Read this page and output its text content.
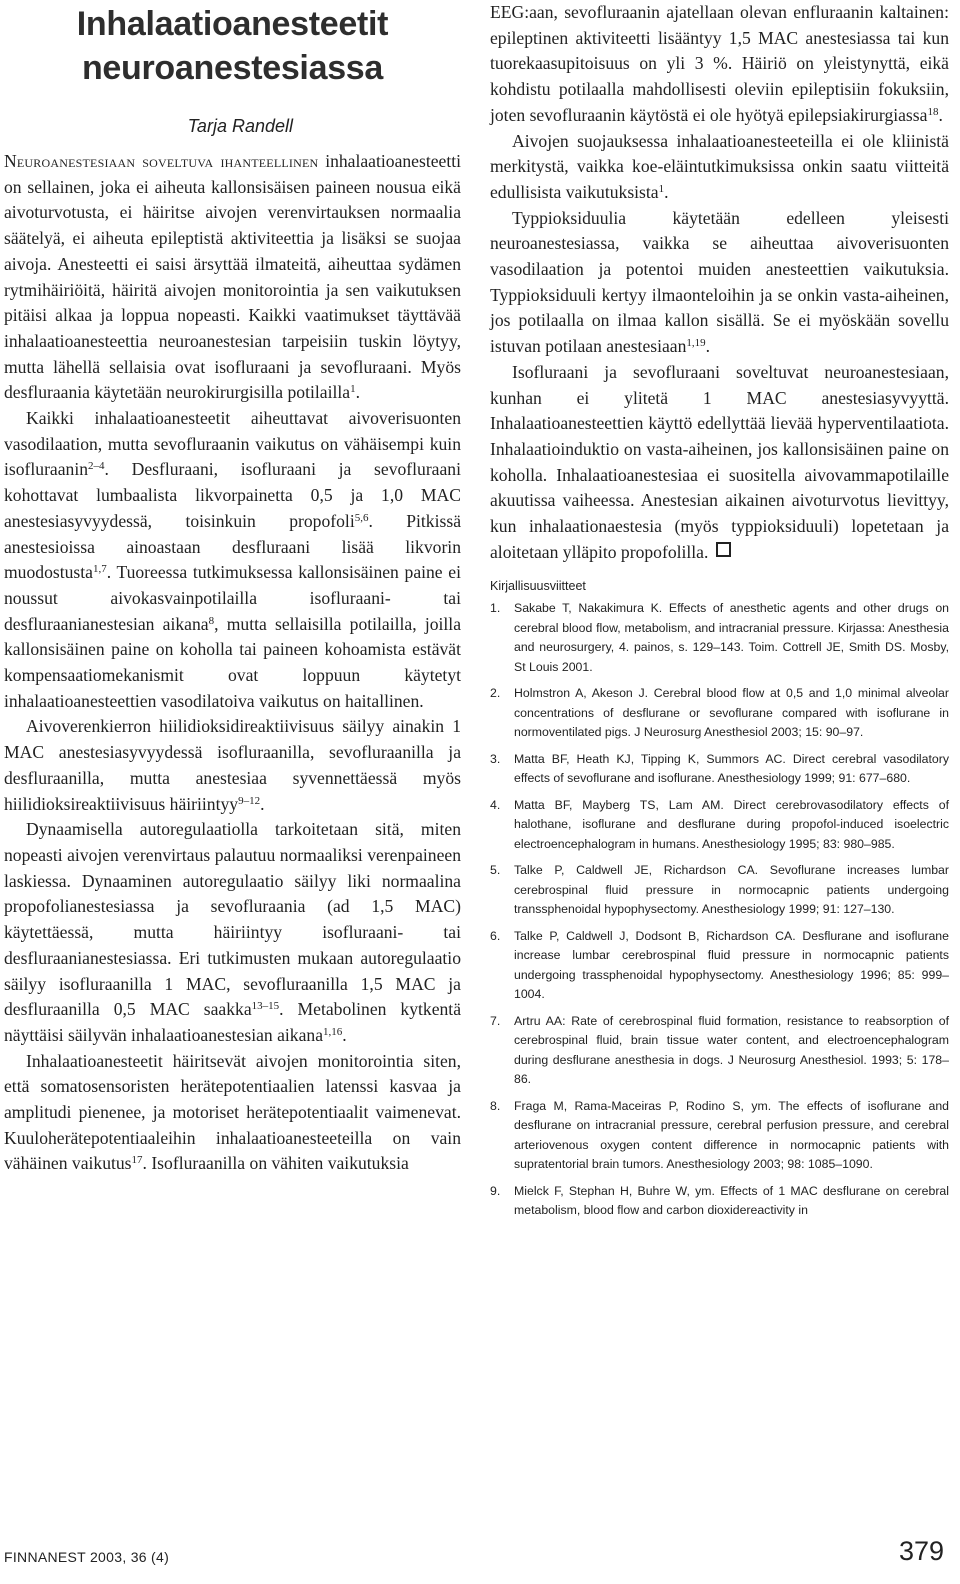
Inhalaatioanesteetit
neuroanestesiassa
Tarja Randell

Neuroanestesiaan soveltuva ihanteellinen inhalaatioanesteetti on sellainen, joka ei aiheuta kallonsisäisen paineen nousua eikä aivoturvotusta, ei häiritse aivojen verenvirtauksen normaalia säätelyä, ei aiheuta epileptistä aktiviteettia ja lisäksi se suojaa aivoja. Anesteetti ei saisi ärsyttää ilmateitä, aiheuttaa sydämen rytmihäiriöitä, häiritä aivojen monitorointia ja sen vaikutuksen pitäisi alkaa ja loppua nopeasti. Kaikki vaatimukset täyttävää inhalaatioanesteettia neuroanestesian tarpeisiin tuskin löytyy, mutta lähellä sellaisia ovat isofluraani ja sevofluraani. Myös desfluraania käytetään neurokirurgisilla potilailla$^1$.

Kaikki inhalaatioanesteetit aiheuttavat aivoverisuonten vasodilaation, mutta sevofluraanin vaikutus on vähäisempi kuin isofluraanin$^{2-4}$. Desfluraani, isofluraani ja sevofluraani kohottavat lumbaalista likvorpainetta 0,5 ja 1,0 MAC anestesiasyvyydessä, toisinkuin propofoli$^{5,6}$. Pitkissä anestesioissa ainoastaan desfluraani lisää likvorin muodostusta$^{1,7}$. Tuoreessa tutkimuksessa kallonsisäinen paine ei noussut aivokasvainpotilailla isofluraani- tai desfluraanianestesian aikana$^8$, mutta sellaisilla potilailla, joilla kallonsisäinen paine on koholla tai paineen kohoamista estävät kompensaatiomekanismit ovat loppuun käytetyt inhalaatioanesteettien vasodilatoiva vaikutus on haitallinen.

Aivoverenkierron hiilidioksidireaktiivisuus säilyy ainakin 1 MAC anestesiasyvyydessä isofluraanilla, sevofluraanilla ja desfluraanilla, mutta anestesiaa syvennettäessä myös hiilidioksireaktiivisuus häiriintyy$^{9-12}$.

Dynaamisella autoregulaatiolla tarkoitetaan sitä, miten nopeasti aivojen verenvirtaus palautuu normaaliksi verenpaineen laskiessa. Dynaaminen autoregulaatio säilyy liki normaalina propofolianestesiassa ja sevofluraania (ad 1,5 MAC) käytettäessä, mutta häiriintyy isofluraani- tai desfluraanianestesiassa. Eri tutkimusten mukaan autoregulaatio säilyy isofluraanilla 1 MAC, sevofluraanilla 1,5 MAC ja desfluraanilla 0,5 MAC saakka$^{13-15}$. Metabolinen kytkentä näyttäisi säilyvän inhalaatioanestesian aikana$^{1,16}$.

Inhalaatioanesteetit häiritsevät aivojen monitorointia siten, että somatosensoristen herätepotentiaalien latenssi kasvaa ja amplitudi pienenee, ja motoriset herätepotentiaalit vaimenevat. Kuuloherätepotentiaaleihin inhalaatioanesteeteilla on vain vähäinen vaikutus$^{17}$. Isofluraanilla on vähiten vaikutuksia

EEG:aan, sevofluraanin ajatellaan olevan enfluraanin kaltainen: epileptinen aktiviteetti lisääntyy 1,5 MAC anestesiassa tai kun tuorekaasupitoisuus on yli 3 %. Häiriö on yleistynyttä, eikä kohdistu potilaalla mahdollisesti oleviin epileptisiin fokuksiin, joten sevofluraanin käytöstä ei ole hyötyä epilepsiakirurgiassa$^{18}$.

Aivojen suojauksessa inhalaatioanesteeteilla ei ole kliinistä merkitystä, vaikka koe-eläintutkimuksissa onkin saatu viitteitä edullisista vaikutuksista$^1$.

Typpioksiduulia käytetään edelleen yleisesti neuroanestesiassa, vaikka se aiheuttaa aivoverisuonten vasodilaation ja potentoi muiden anesteettien vaikutuksia. Typpioksiduuli kertyy ilmaonteloihin ja se onkin vasta-aiheinen, jos potilaalla on ilmaa kallon sisällä. Se ei myöskään sovellu istuvan potilaan anestesiaan$^{1,19}$.

Isofluraani ja sevofluraani soveltuvat neuroanestesiaan, kunhan ei ylitetä 1 MAC anestesiasyvyyttä. Inhalaatioanesteettien käyttö edellyttää lievää hyperventilaatiota. Inhalaatioinduktio on vasta-aiheinen, jos kallonsisäinen paine on koholla. Inhalaatioanestesiaa ei suositella aivovammapotilaille akuutissa vaiheessa. Anestesian aikainen aivoturvotus lievittyy, kun inhalaationaestesia (myös typpioksiduuli) lopetetaan ja aloitetaan ylläpito propofolilla.

Kirjallisuusviitteet
1. Sakabe T, Nakakimura K. Effects of anesthetic agents and other drugs on cerebral blood flow, metabolism, and intracranial pressure. Kirjassa: Anesthesia and neurosurgery, 4. painos, s. 129–143. Toim. Cottrell JE, Smith DS. Mosby, St Louis 2001.
2. Holmstron A, Akeson J. Cerebral blood flow at 0,5 and 1,0 minimal alveolar concentrations of desflurane or sevoflurane compared with isoflurane in normoventilated pigs. J Neurosurg Anesthesiol 2003; 15: 90–97.
3. Matta BF, Heath KJ, Tipping K, Summors AC. Direct cerebral vasodilatory effects of sevoflurane and isoflurane. Anesthesiology 1999; 91: 677–680.
4. Matta BF, Mayberg TS, Lam AM. Direct cerebrovasodilatory effects of halothane, isoflurane and desflurane during propofol-induced isoelectric electroencephalogram in humans. Anesthesiology 1995; 83: 980–985.
5. Talke P, Caldwell JE, Richardson CA. Sevoflurane increases lumbar cerebrospinal fluid pressure in normocapnic patients undergoing transsphenoidal hypophysectomy. Anesthesiology 1999; 91: 127–130.
6. Talke P, Caldwell J, Dodsont B, Richardson CA. Desflurane and isoflurane increase lumbar cerebrospinal fluid pressure in normocapnic patients undergoing trassphenoidal hypophysectomy. Anesthesiology 1996; 85: 999–1004.
7. Artru AA: Rate of cerebrospinal fluid formation, resistance to reabsorption of cerebrospinal fluid, brain tissue water content, and electroencephalogram during desflurane anesthesia in dogs. J Neurosurg Anesthesiol. 1993; 5: 178–86.
8. Fraga M, Rama-Maceiras P, Rodino S, ym. The effects of isoflurane and desflurane on intracranial pressure, cerebral perfusion pressure, and cerebral arteriovenous oxygen content difference in normocapnic patients with supratentorial brain tumors. Anesthesiology 2003; 98: 1085–1090.
9. Mielck F, Stephan H, Buhre W, ym. Effects of 1 MAC desflurane on cerebral metabolism, blood flow and carbon dioxidereactivity in
FINNANEST 2003, 36 (4)	379
